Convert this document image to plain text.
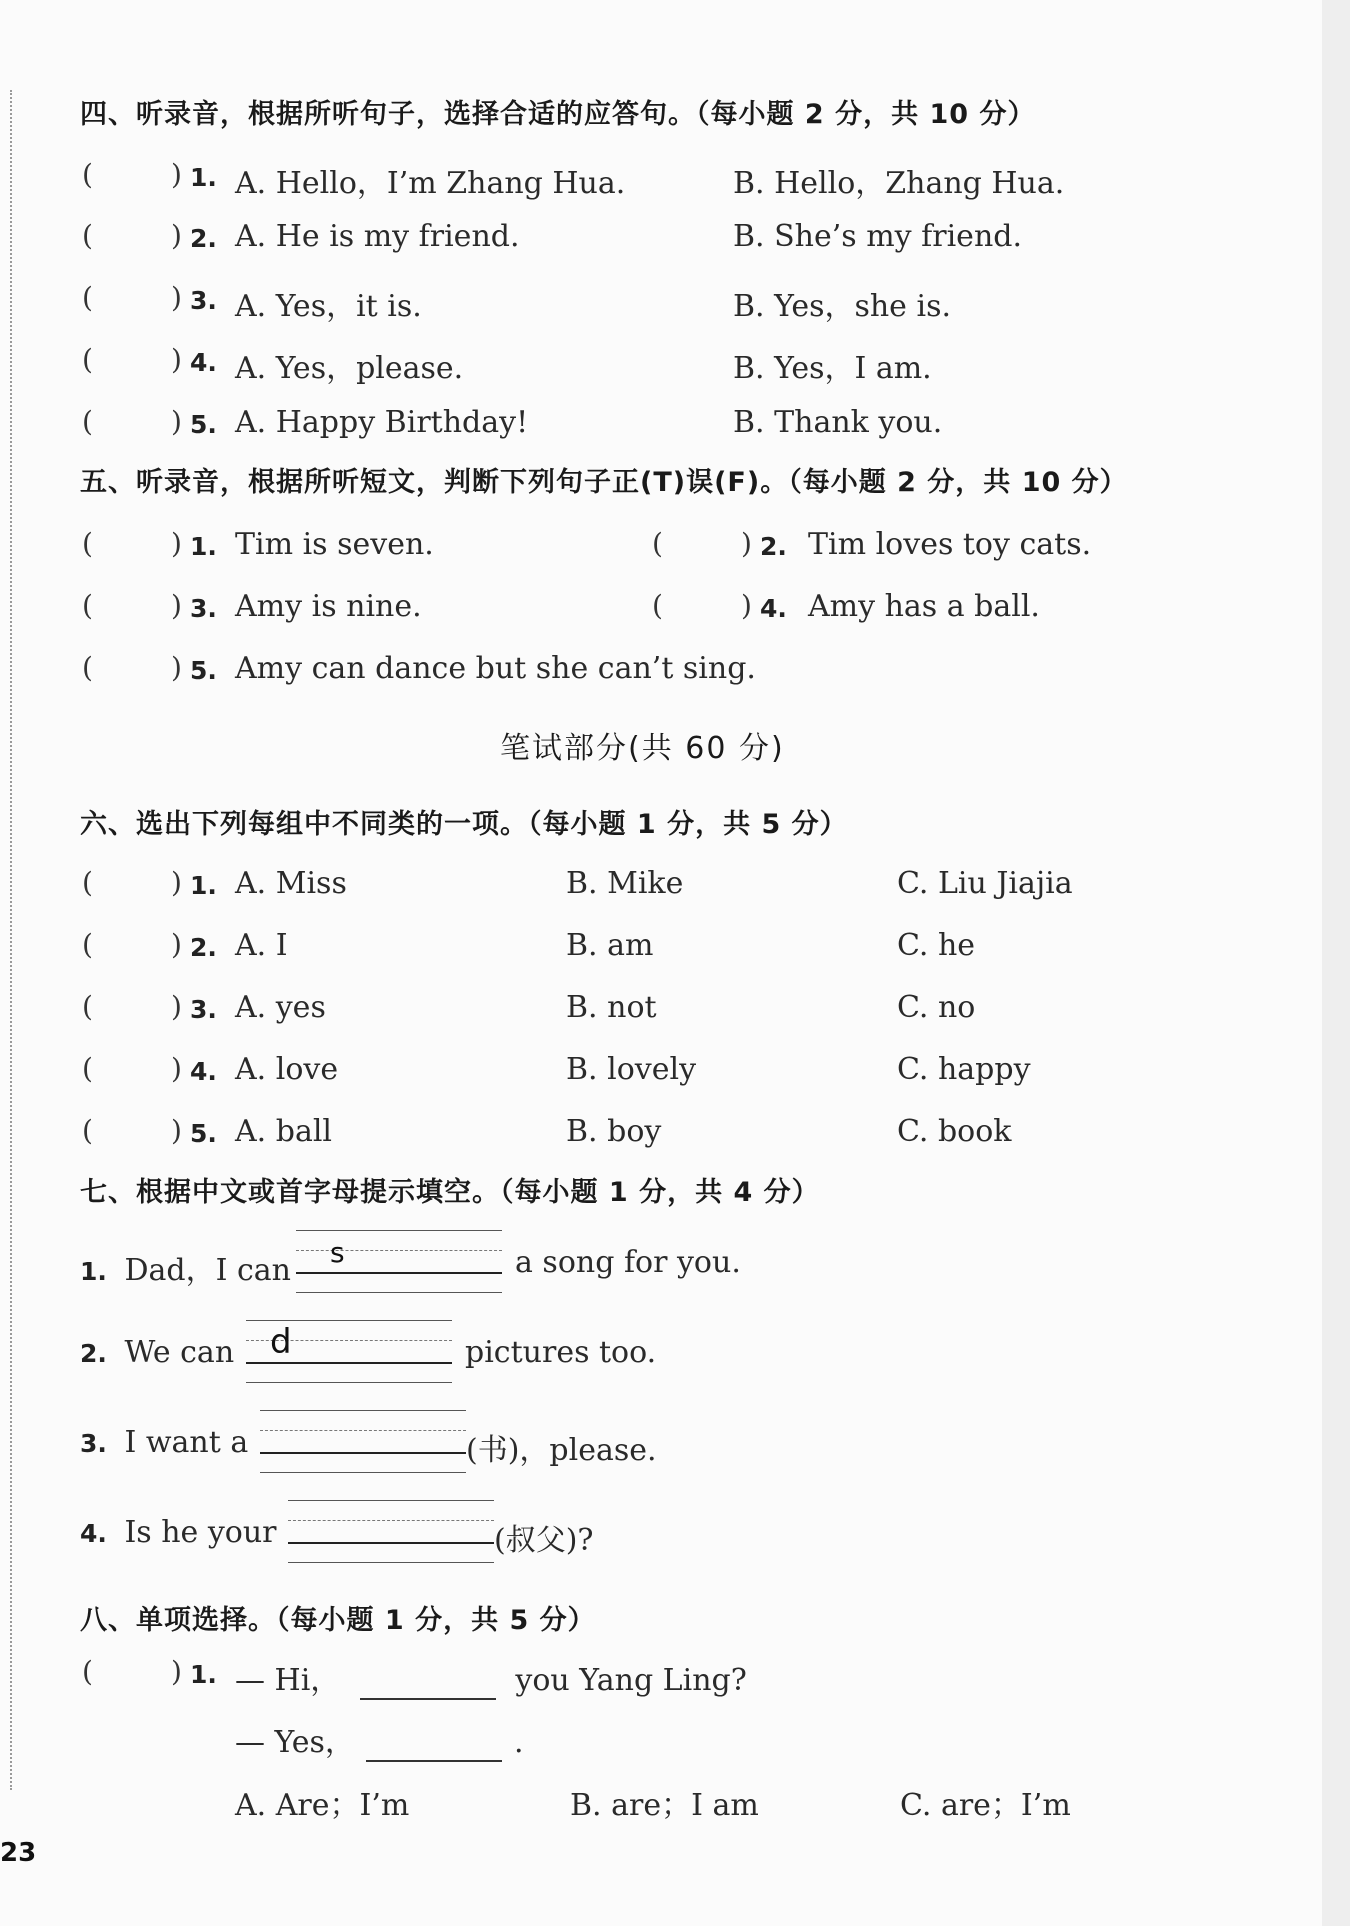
四、听录音，根据所听句子，选择合适的应答句。（每小题 2 分，共 10 分）
(	) 1. A. Hello，I’m Zhang Hua.	B. Hello，Zhang Hua.
(	) 2. A. He is my friend.	B. She’s my friend.
(	) 3. A. Yes，it is.	B. Yes，she is.
(	) 4. A. Yes，please.	B. Yes，I am.
(	) 5. A. Happy Birthday!	B. Thank you.
五、听录音，根据所听短文，判断下列句子正(T)误(F)。（每小题 2 分，共 10 分）
(	) 1. Tim is seven.	(	) 2. Tim loves toy cats.
(	) 3. Amy is nine.	(	) 4. Amy has a ball.
(	) 5. Amy can dance but she can’t sing.
笔试部分(共 60 分)
六、选出下列每组中不同类的一项。（每小题 1 分，共 5 分）
(	) 1. A. Miss	B. Mike	C. Liu Jiajia
(	) 2. A. I	B. am	C. he
(	) 3. A. yes	B. not	C. no
(	) 4. A. love	B. lovely	C. happy
(	) 5. A. ball	B. boy	C. book
七、根据中文或首字母提示填空。（每小题 1 分，共 4 分）
1. Dad，I can
s	a song for you.
2. We can d	pictures too.
3. I want a	(书)，please.
4. Is he your	(叔父)?
八、单项选择。（每小题 1 分，共 5 分）
(	) 1. — Hi，	you Yang Ling?
— Yes，	.
A. Are；I’m	B. are；I am	C. are；I’m
23
